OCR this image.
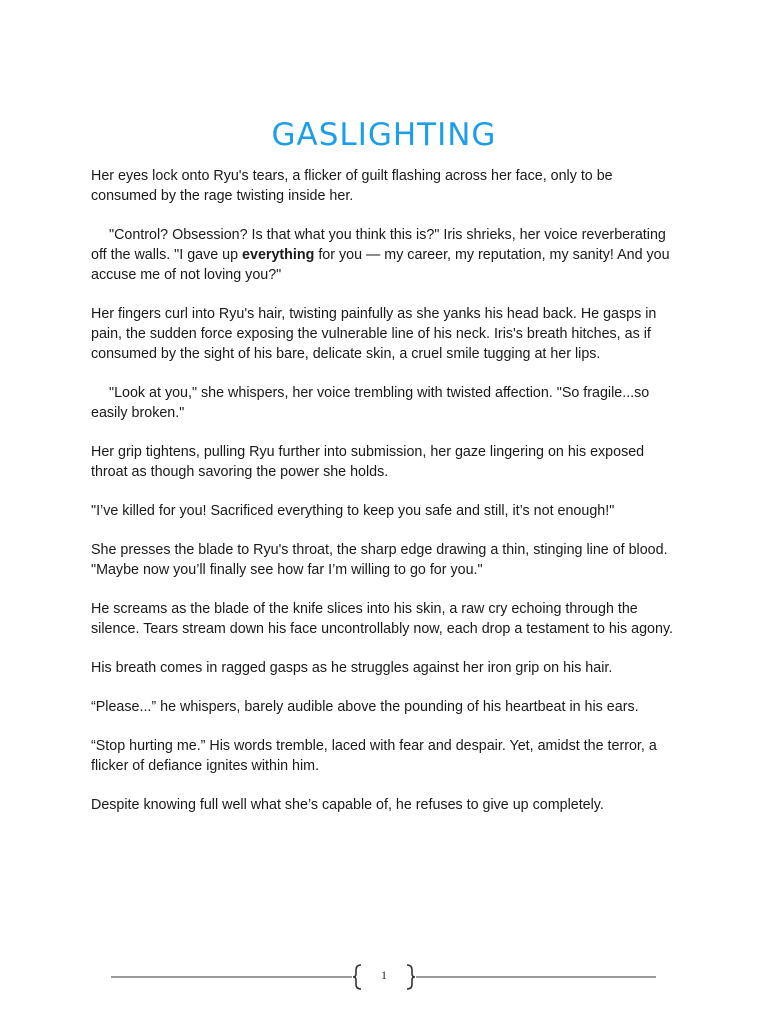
GASLIGHTING

Her eyes lock onto Ryu's tears, a flicker of guilt flashing across her face, only to be consumed by the rage twisting inside her.

"Control? Obsession? Is that what you think this is?" Iris shrieks, her voice reverberating off the walls. "I gave up everything for you — my career, my reputation, my sanity! And you accuse me of not loving you?"

Her fingers curl into Ryu's hair, twisting painfully as she yanks his head back. He gasps in pain, the sudden force exposing the vulnerable line of his neck. Iris's breath hitches, as if consumed by the sight of his bare, delicate skin, a cruel smile tugging at her lips.

"Look at you," she whispers, her voice trembling with twisted affection. "So fragile...so easily broken."

Her grip tightens, pulling Ryu further into submission, her gaze lingering on his exposed throat as though savoring the power she holds.

"I’ve killed for you! Sacrificed everything to keep you safe and still, it’s not enough!"

She presses the blade to Ryu's throat, the sharp edge drawing a thin, stinging line of blood. "Maybe now you’ll finally see how far I’m willing to go for you."

He screams as the blade of the knife slices into his skin, a raw cry echoing through the silence. Tears stream down his face uncontrollably now, each drop a testament to his agony.

His breath comes in ragged gasps as he struggles against her iron grip on his hair.

“Please...” he whispers, barely audible above the pounding of his heartbeat in his ears.

“Stop hurting me.” His words tremble, laced with fear and despair. Yet, amidst the terror, a flicker of defiance ignites within him.

Despite knowing full well what she’s capable of, he refuses to give up completely.

1
